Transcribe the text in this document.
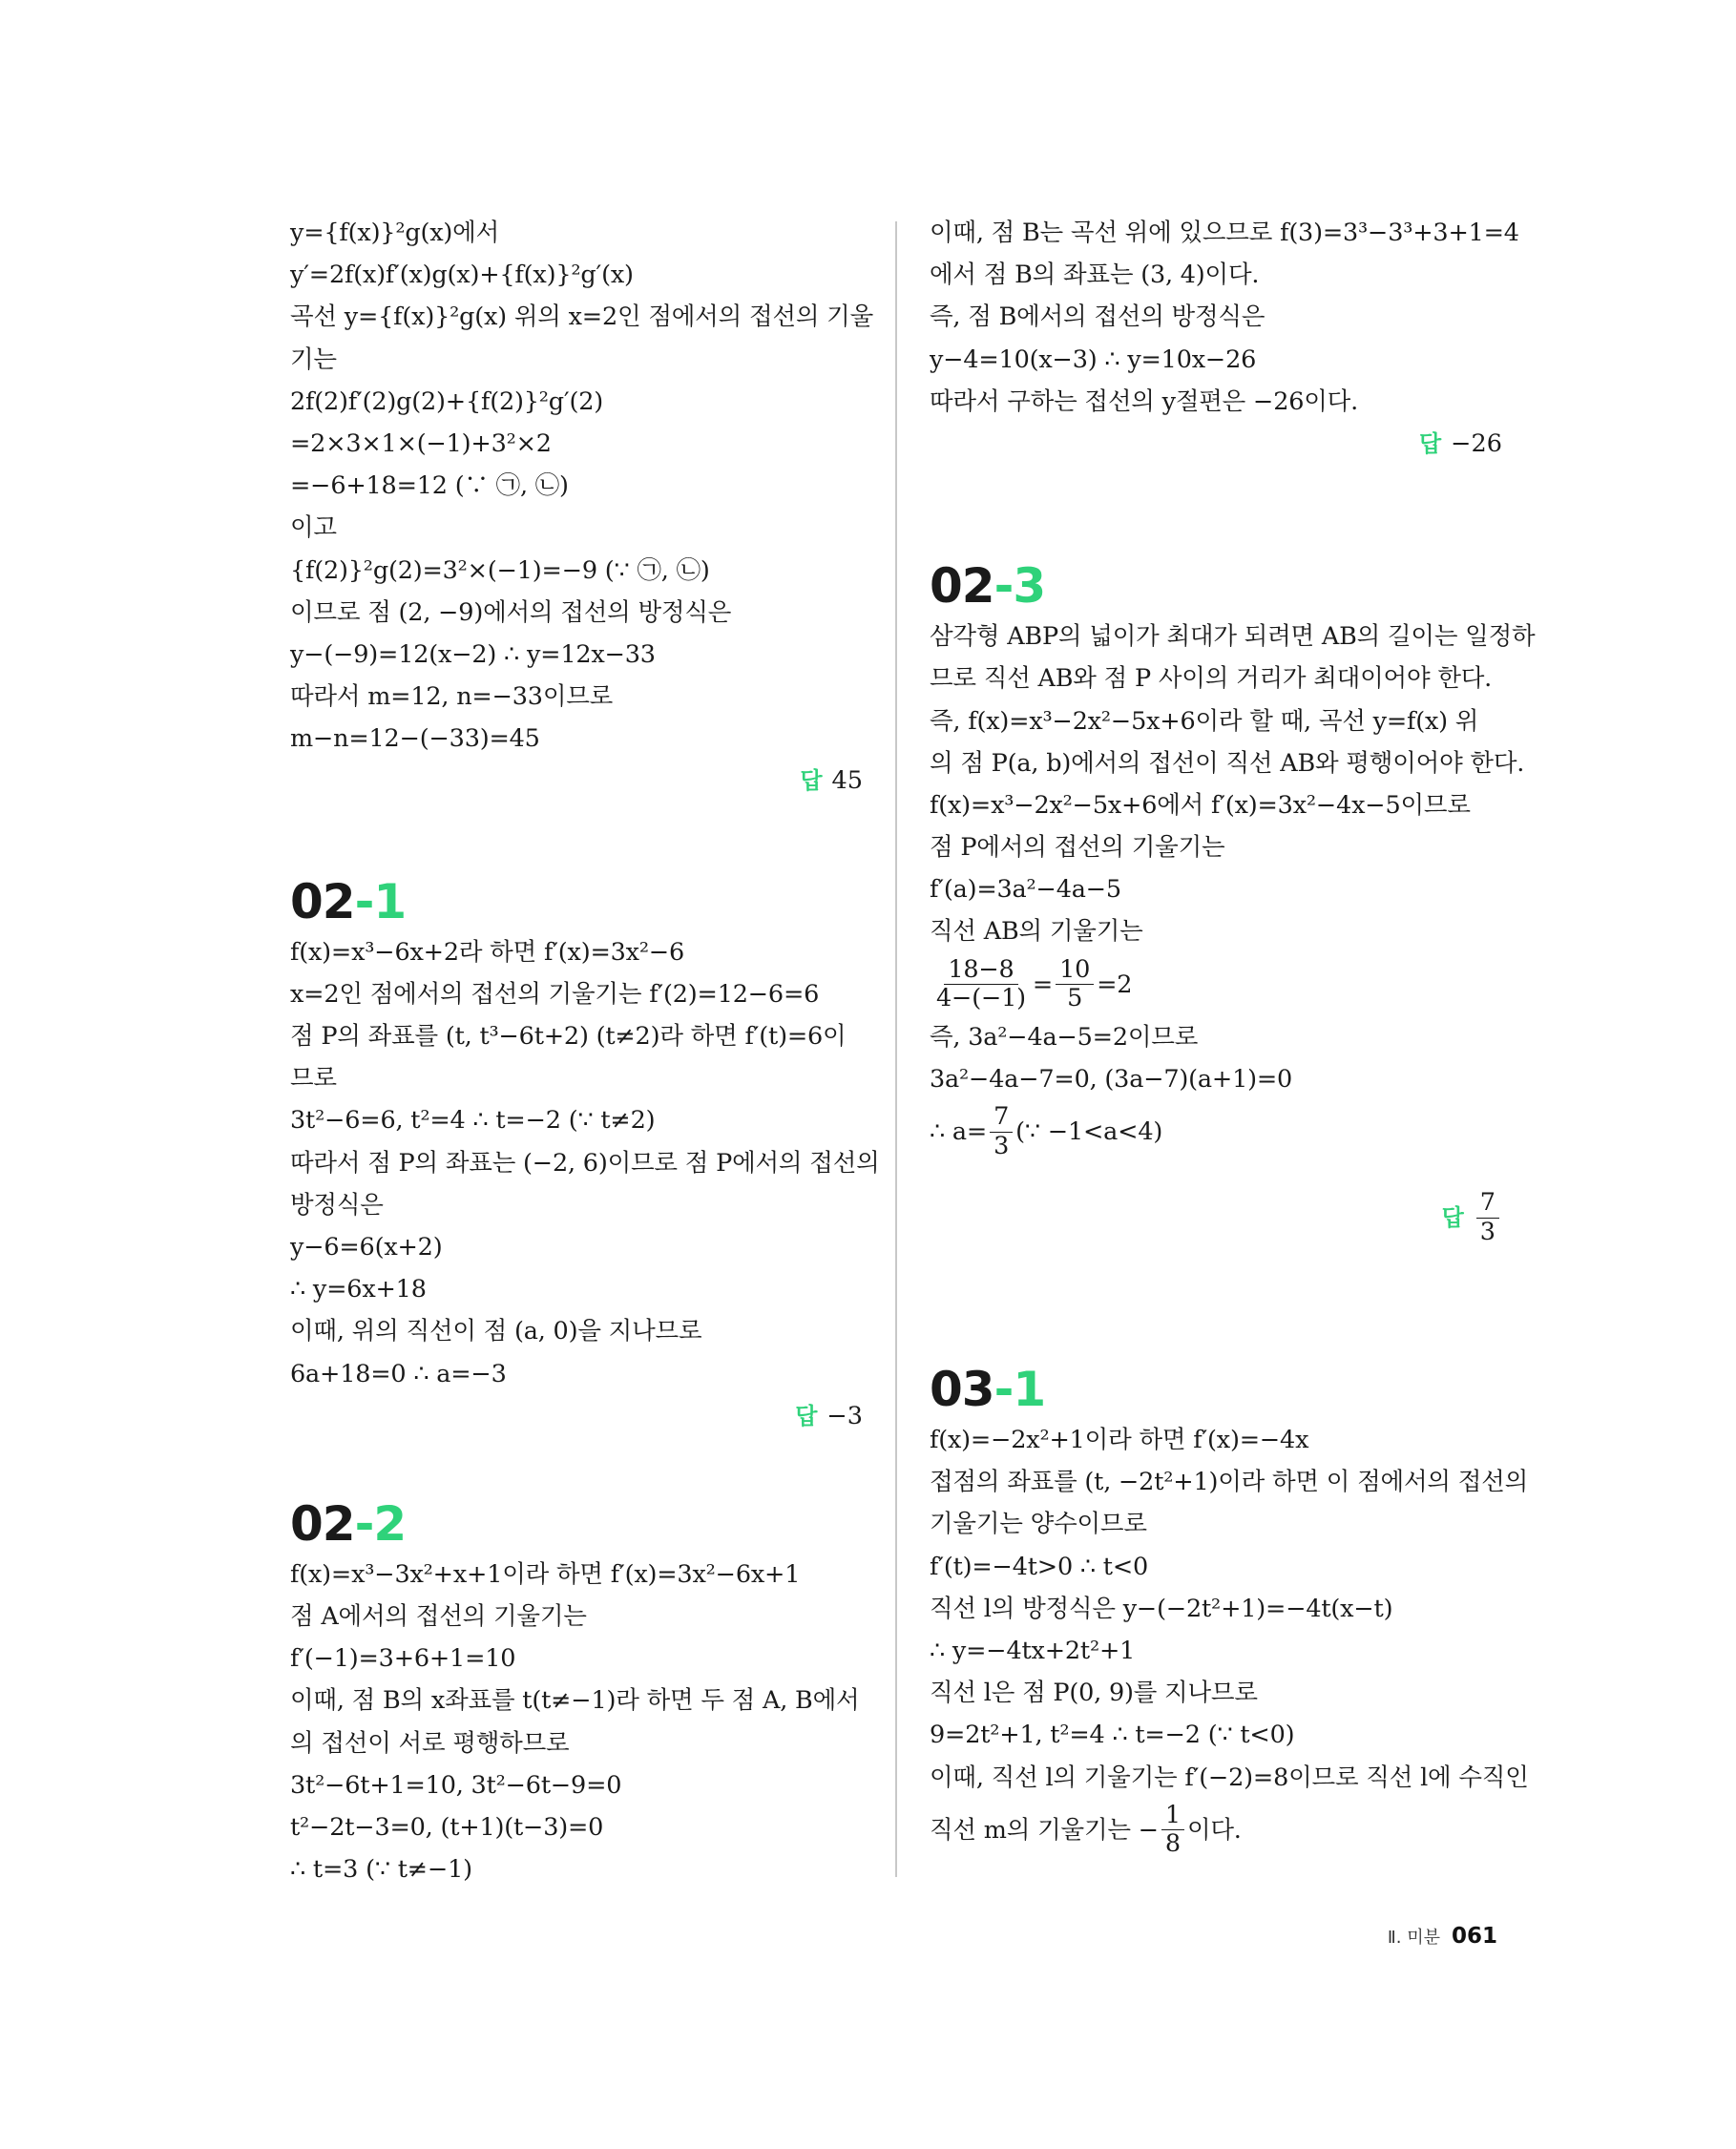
y={f(x)}²g(x)에서
y′=2f(x)f′(x)g(x)+{f(x)}²g′(x)
곡선 y={f(x)}²g(x) 위의 x=2인 점에서의 접선의 기울
기는
2f(2)f′(2)g(2)+{f(2)}²g′(2)
=2×3×1×(−1)+3²×2
=−6+18=12 (∵ ㉠, ㉡)
이고
{f(2)}²g(2)=3²×(−1)=−9 (∵ ㉠, ㉡)
이므로 점 (2, −9)에서의 접선의 방정식은
y−(−9)=12(x−2) ∴ y=12x−33
따라서 m=12, n=−33이므로
m−n=12−(−33)=45
답 45
02-1
f(x)=x³−6x+2라 하면 f′(x)=3x²−6
x=2인 점에서의 접선의 기울기는 f′(2)=12−6=6
점 P의 좌표를 (t, t³−6t+2) (t≠2)라 하면 f′(t)=6이
므로
3t²−6=6, t²=4 ∴ t=−2 (∵ t≠2)
따라서 점 P의 좌표는 (−2, 6)이므로 점 P에서의 접선의
방정식은
y−6=6(x+2)
∴ y=6x+18
이때, 위의 직선이 점 (a, 0)을 지나므로
6a+18=0 ∴ a=−3
답 −3
02-2
f(x)=x³−3x²+x+1이라 하면 f′(x)=3x²−6x+1
점 A에서의 접선의 기울기는
f′(−1)=3+6+1=10
이때, 점 B의 x좌표를 t(t≠−1)라 하면 두 점 A, B에서
의 접선이 서로 평행하므로
3t²−6t+1=10, 3t²−6t−9=0
t²−2t−3=0, (t+1)(t−3)=0
∴ t=3 (∵ t≠−1)
이때, 점 B는 곡선 위에 있으므로 f(3)=3³−3³+3+1=4
에서 점 B의 좌표는 (3, 4)이다.
즉, 점 B에서의 접선의 방정식은
y−4=10(x−3) ∴ y=10x−26
따라서 구하는 접선의 y절편은 −26이다.
답 −26
02-3
삼각형 ABP의 넓이가 최대가 되려면 AB의 길이는 일정하
므로 직선 AB와 점 P 사이의 거리가 최대이어야 한다.
즉, f(x)=x³−2x²−5x+6이라 할 때, 곡선 y=f(x) 위
의 점 P(a, b)에서의 접선이 직선 AB와 평행이어야 한다.
f(x)=x³−2x²−5x+6에서 f′(x)=3x²−4x−5이므로
점 P에서의 접선의 기울기는
f′(a)=3a²−4a−5
직선 AB의 기울기는
$\frac{18-8}{4-(-1)} = \frac{10}{5} =2$
즉, 3a²−4a−5=2이므로
3a²−4a−7=0, (3a−7)(a+1)=0
∴ $a= \frac{7}{3}$ (∵ −1<a<4)
답 $\frac{7}{3}$
03-1
f(x)=−2x²+1이라 하면 f′(x)=−4x
접점의 좌표를 (t, −2t²+1)이라 하면 이 점에서의 접선의
기울기는 양수이므로
f′(t)=−4t>0 ∴ t<0
직선 l의 방정식은 y−(−2t²+1)=−4t(x−t)
∴ y=−4tx+2t²+1
직선 l은 점 P(0, 9)를 지나므로
9=2t²+1, t²=4 ∴ t=−2 (∵ t<0)
이때, 직선 l의 기울기는 f′(−2)=8이므로 직선 l에 수직인
직선 m의 기울기는 − $\frac{1}{8}$ 이다.
Ⅱ. 미분 061
